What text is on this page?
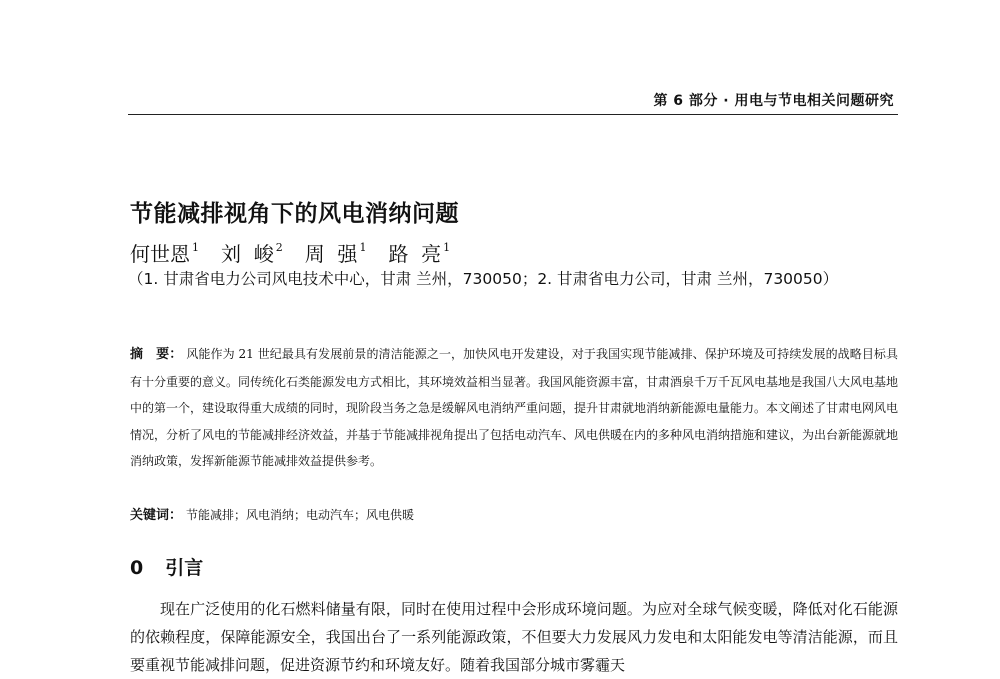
第 6 部分 · 用电与节电相关问题研究
节能减排视角下的风电消纳问题
何世恩 $^1$ 刘  峻 $^2$ 周  强 $^1$ 路  亮 $^1$
（1. 甘肃省电力公司风电技术中心，甘肃 兰州，730050；2. 甘肃省电力公司，甘肃 兰州，730050）
摘　要： 风能作为 21 世纪最具有发展前景的清洁能源之一，加快风电开发建设，对于我国实现节能减排、保护环境及可持续发展的战略目标具有十分重要的意义。同传统化石类能源发电方式相比，其环境效益相当显著。我国风能资源丰富，甘肃酒泉千万千瓦风电基地是我国八大风电基地中的第一个，建设取得重大成绩的同时，现阶段当务之急是缓解风电消纳严重问题，提升甘肃就地消纳新能源电量能力。本文阐述了甘肃电网风电情况，分析了风电的节能减排经济效益，并基于节能减排视角提出了包括电动汽车、风电供暖在内的多种风电消纳措施和建议，为出台新能源就地消纳政策，发挥新能源节能减排效益提供参考。
关键词： 节能减排；风电消纳；电动汽车；风电供暖
0 引言
现在广泛使用的化石燃料储量有限，同时在使用过程中会形成环境问题。为应对全球气候变暖，降低对化石能源的依赖程度，保障能源安全，我国出台了一系列能源政策，不但要大力发展风力发电和太阳能发电等清洁能源，而且要重视节能减排问题，促进资源节约和环境友好。随着我国部分城市雾霾天
